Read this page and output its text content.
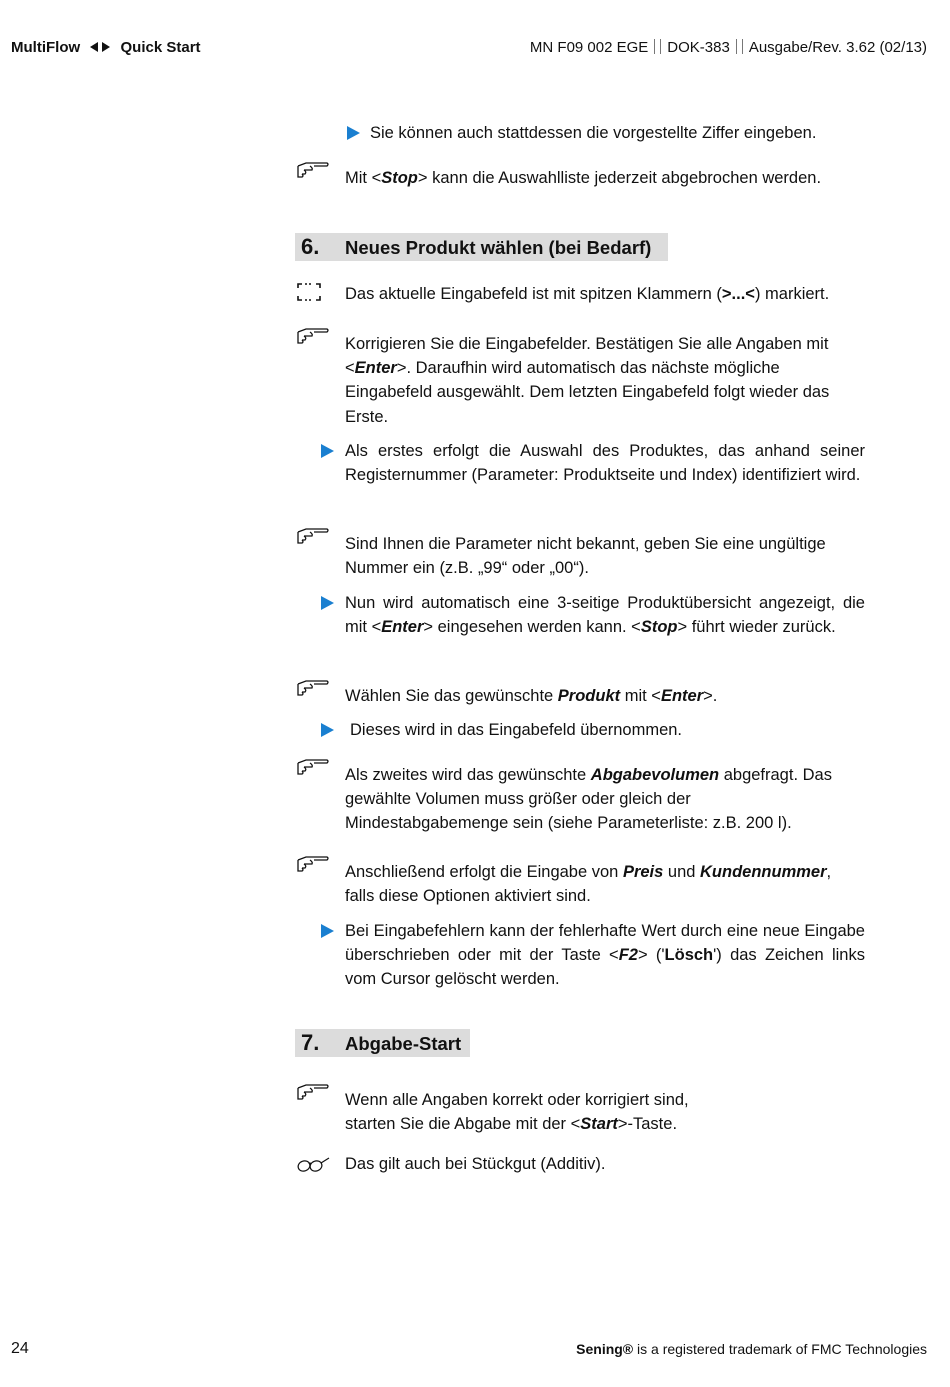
MultiFlow	Quick Start	MN F09 002 EGE DOK-383 Ausgabe/Rev. 3.62 (02/13)
Sie können auch stattdessen die vorgestellte Ziffer eingeben.
Mit <Stop> kann die Auswahlliste jederzeit abgebrochen werden.
6. Neues Produkt wählen (bei Bedarf)
Das aktuelle Eingabefeld ist mit spitzen Klammern (>...<) markiert.
Korrigieren Sie die Eingabefelder. Bestätigen Sie alle Angaben mit
<Enter>. Daraufhin wird automatisch das nächste mögliche
Eingabefeld ausgewählt. Dem letzten Eingabefeld folgt wieder das
Erste.
Als erstes erfolgt die Auswahl des Produktes, das anhand seiner Registernummer (Parameter: Produktseite und Index) identifiziert wird.
Sind Ihnen die Parameter nicht bekannt, geben Sie eine ungültige
Nummer ein (z.B. „99“ oder „00“).
Nun wird automatisch eine 3-seitige Produktübersicht angezeigt, die mit <Enter> eingesehen werden kann. <Stop> führt wieder zurück.
Wählen Sie das gewünschte Produkt mit <Enter>.
Dieses wird in das Eingabefeld übernommen.
Als zweites wird das gewünschte Abgabevolumen abgefragt. Das
gewählte Volumen muss größer oder gleich der
Mindestabgabemenge sein (siehe Parameterliste: z.B. 200 l).
Anschließend erfolgt die Eingabe von Preis und Kundennummer,
falls diese Optionen aktiviert sind.
Bei Eingabefehlern kann der fehlerhafte Wert durch eine neue Eingabe überschrieben oder mit der Taste <F2> ('Lösch') das Zeichen links vom Cursor gelöscht werden.
7. Abgabe-Start
Wenn alle Angaben korrekt oder korrigiert sind,
starten Sie die Abgabe mit der <Start>-Taste.
Das gilt auch bei Stückgut (Additiv).
24	Sening® is a registered trademark of FMC Technologies
